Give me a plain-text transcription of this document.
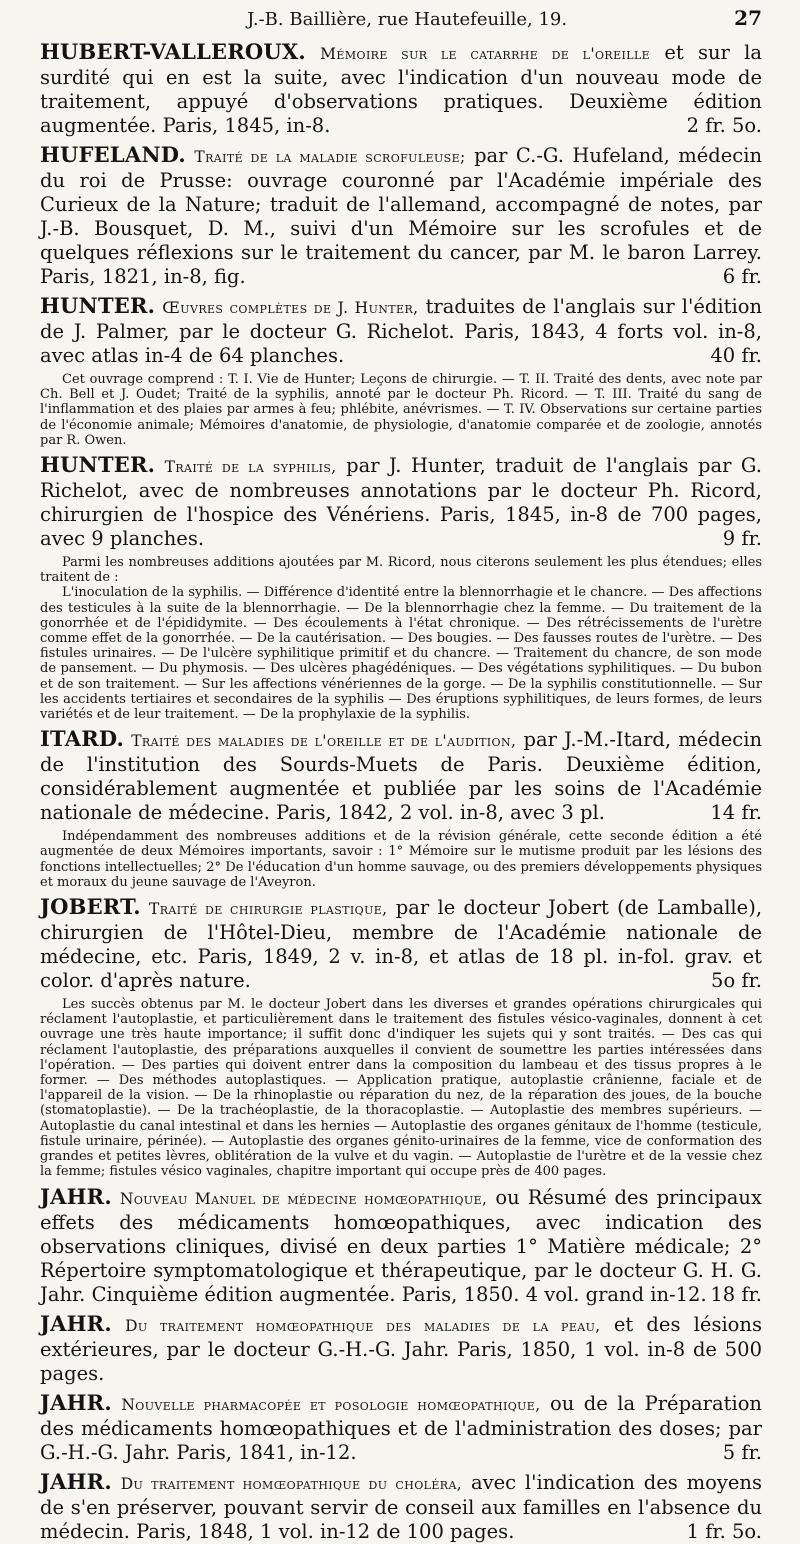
J.-B. Baillière, rue Hautefeuille, 19.	27

HUBERT-VALLEROUX. Mémoire sur le catarrhe de l'oreille et sur la surdité qui en est la suite, avec l'indication d'un nouveau mode de traitement, appuyé d'observations pratiques. Deuxième édition augmentée. Paris, 1845, in-8.	2 fr. 5o.

HUFELAND. Traité de la maladie scrofuleuse; par C.-G. Hufeland, médecin du roi de Prusse: ouvrage couronné par l'Académie impériale des Curieux de la Nature; traduit de l'allemand, accompagné de notes, par J.-B. Bousquet, D. M., suivi d'un Mémoire sur les scrofules et de quelques réflexions sur le traitement du cancer, par M. le baron Larrey. Paris, 1821, in-8, fig.	6 fr.

HUNTER. Œuvres complètes de J. Hunter, traduites de l'anglais sur l'édition de J. Palmer, par le docteur G. Richelot. Paris, 1843, 4 forts vol. in-8, avec atlas in-4 de 64 planches.	40 fr.

Cet ouvrage comprend : T. I. Vie de Hunter; Leçons de chirurgie. — T. II. Traité des dents, avec note par Ch. Bell et J. Oudet; Traité de la syphilis, annoté par le docteur Ph. Ricord. — T. III. Traité du sang de l'inflammation et des plaies par armes à feu; phlébite, anévrismes. — T. IV. Observations sur certaine parties de l'économie animale; Mémoires d'anatomie, de physiologie, d'anatomie comparée et de zoologie, annotés par R. Owen.

HUNTER. Traité de la syphilis, par J. Hunter, traduit de l'anglais par G. Richelot, avec de nombreuses annotations par le docteur Ph. Ricord, chirurgien de l'hospice des Vénériens. Paris, 1845, in-8 de 700 pages, avec 9 planches.	9 fr.

Parmi les nombreuses additions ajoutées par M. Ricord, nous citerons seulement les plus étendues; elles traitent de :

L'inoculation de la syphilis. — Différence d'identité entre la blennorrhagie et le chancre. — Des affections des testicules à la suite de la blennorrhagie. — De la blennorrhagie chez la femme. — Du traitement de la gonorrhée et de l'épididymite. — Des écoulements à l'état chronique. — Des rétrécissements de l'urètre comme effet de la gonorrhée. — De la cautérisation. — Des bougies. — Des fausses routes de l'urètre. — Des fistules urinaires. — De l'ulcère syphilitique primitif et du chancre. — Traitement du chancre, de son mode de pansement. — Du phymosis. — Des ulcères phagédéniques. — Des végétations syphilitiques. — Du bubon et de son traitement. — Sur les affections vénériennes de la gorge. — De la syphilis constitutionnelle. — Sur les accidents tertiaires et secondaires de la syphilis — Des éruptions syphilitiques, de leurs formes, de leurs variétés et de leur traitement. — De la prophylaxie de la syphilis.

ITARD. Traité des maladies de l'oreille et de l'audition, par J.-M.-Itard, médecin de l'institution des Sourds-Muets de Paris. Deuxième édition, considérablement augmentée et publiée par les soins de l'Académie nationale de médecine. Paris, 1842, 2 vol. in-8, avec 3 pl.	14 fr.

Indépendamment des nombreuses additions et de la révision générale, cette seconde édition a été augmentée de deux Mémoires importants, savoir : 1° Mémoire sur le mutisme produit par les lésions des fonctions intellectuelles; 2° De l'éducation d'un homme sauvage, ou des premiers développements physiques et moraux du jeune sauvage de l'Aveyron.

JOBERT. Traité de chirurgie plastique, par le docteur Jobert (de Lamballe), chirurgien de l'Hôtel-Dieu, membre de l'Académie nationale de médecine, etc. Paris, 1849, 2 v. in-8, et atlas de 18 pl. in-fol. grav. et color. d'après nature.	5o fr.

Les succès obtenus par M. le docteur Jobert dans les diverses et grandes opérations chirurgicales qui réclament l'autoplastie, et particulièrement dans le traitement des fistules vésico-vaginales, donnent à cet ouvrage une très haute importance; il suffit donc d'indiquer les sujets qui y sont traités. — Des cas qui réclament l'autoplastie, des préparations auxquelles il convient de soumettre les parties intéressées dans l'opération. — Des parties qui doivent entrer dans la composition du lambeau et des tissus propres à le former. — Des méthodes autoplastiques. — Application pratique, autoplastie crânienne, faciale et de l'appareil de la vision. — De la rhinoplastie ou réparation du nez, de la réparation des joues, de la bouche (stomatoplastie). — De la trachéoplastie, de la thoracoplastie. — Autoplastie des membres supérieurs. — Autoplastie du canal intestinal et dans les hernies — Autoplastie des organes génitaux de l'homme (testicule, fistule urinaire, périnée). — Autoplastie des organes génito-urinaires de la femme, vice de conformation des grandes et petites lèvres, oblitération de la vulve et du vagin. — Autoplastie de l'urètre et de la vessie chez la femme; fistules vésico vaginales, chapitre important qui occupe près de 400 pages.

JAHR. Nouveau Manuel de médecine homœopathique, ou Résumé des principaux effets des médicaments homœopathiques, avec indication des observations cliniques, divisé en deux parties 1° Matière médicale; 2° Répertoire symptomatologique et thérapeutique, par le docteur G. H. G. Jahr. Cinquième édition augmentée. Paris, 1850. 4 vol. grand in-12. 18 fr.

JAHR. Du traitement homœopathique des maladies de la peau, et des lésions extérieures, par le docteur G.-H.-G. Jahr. Paris, 1850, 1 vol. in-8 de 500 pages.

JAHR. Nouvelle pharmacopée et posologie homœopathique, ou de la Préparation des médicaments homœopathiques et de l'administration des doses; par G.-H.-G. Jahr. Paris, 1841, in-12.	5 fr.

JAHR. Du traitement homœopathique du choléra, avec l'indication des moyens de s'en préserver, pouvant servir de conseil aux familles en l'absence du médecin. Paris, 1848, 1 vol. in-12 de 100 pages.	1 fr. 5o.
